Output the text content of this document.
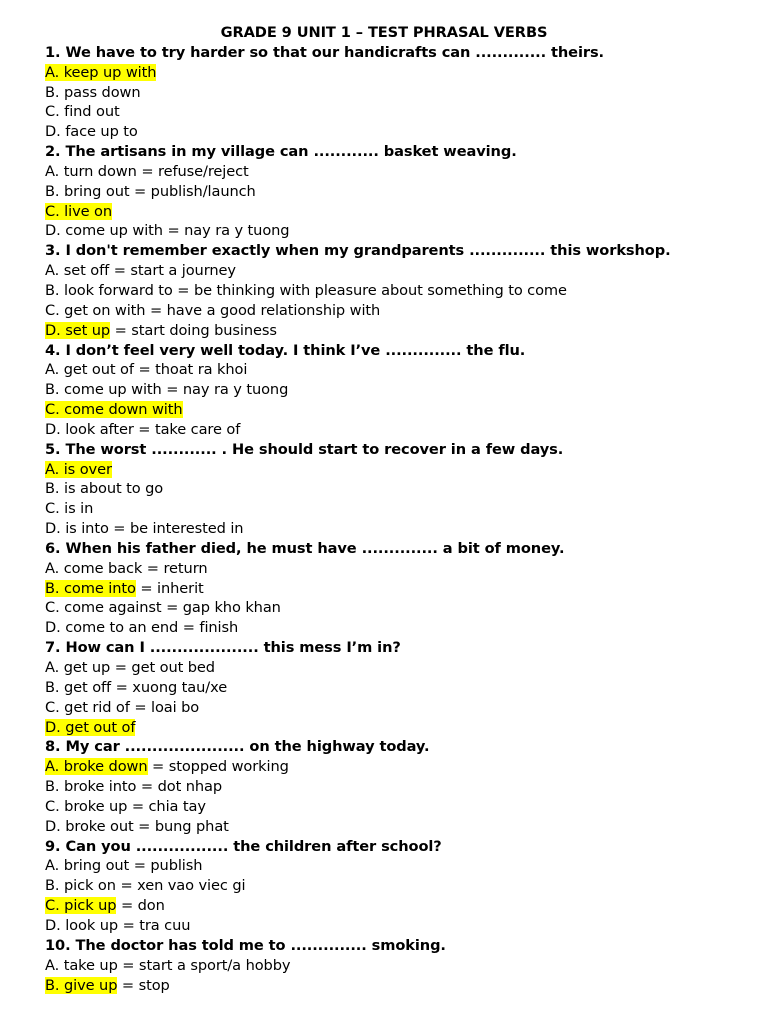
GRADE 9 UNIT 1 – TEST PHRASAL VERBS
1. We have to try harder so that our handicrafts can ............. theirs.
A. keep up with
B. pass down
C. find out
D. face up to
2. The artisans in my village can ............ basket weaving.
A. turn down = refuse/reject
B. bring out = publish/launch
C. live on
D. come up with = nay ra y tuong
3. I don't remember exactly when my grandparents .............. this workshop.
A. set off = start a journey
B. look forward to = be thinking with pleasure about something to come
C. get on with = have a good relationship with
D. set up = start doing business
4. I don’t feel very well today. I think I’ve .............. the flu.
A. get out of = thoat ra khoi
B. come up with = nay ra y tuong
C. come down with
D. look after = take care of
5. The worst ............ . He should start to recover in a few days.
A. is over
B. is about to go
C. is in
D. is into = be interested in
6. When his father died, he must have .............. a bit of money.
A. come back = return
B. come into = inherit
C. come against = gap kho khan
D. come to an end = finish
7. How can I .................... this mess I’m in?
A. get up = get out bed
B. get off = xuong tau/xe
C. get rid of = loai bo
D. get out of
8. My car ...................... on the highway today.
A. broke down = stopped working
B. broke into = dot nhap
C. broke up = chia tay
D. broke out = bung phat
9. Can you ................. the children after school?
A. bring out = publish
B. pick on = xen vao viec gi
C. pick up = don
D. look up = tra cuu
10. The doctor has told me to .............. smoking.
A. take up = start a sport/a hobby
B. give up = stop
